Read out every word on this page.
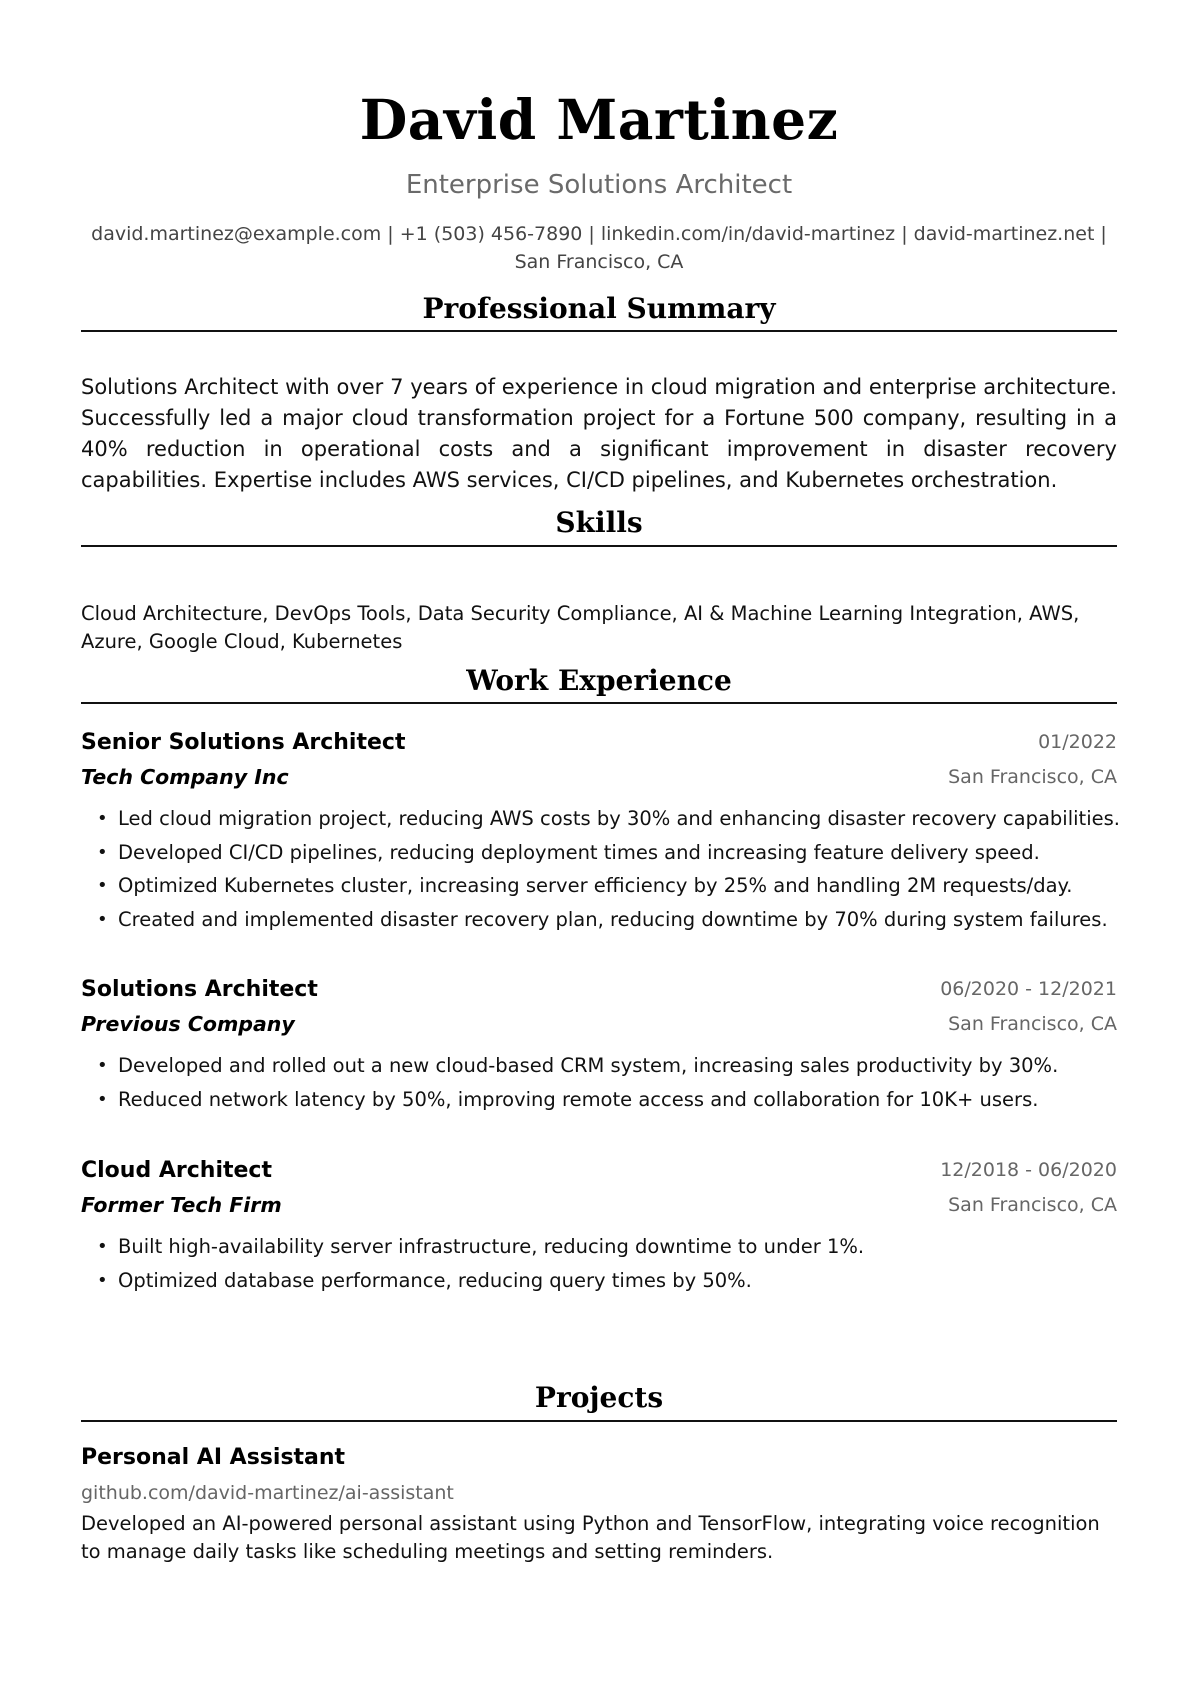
David Martinez
Enterprise Solutions Architect
david.martinez@example.com | +1 (503) 456-7890 | linkedin.com/in/david-martinez | david-martinez.net | San Francisco, CA
Professional Summary
Solutions Architect with over 7 years of experience in cloud migration and enterprise architecture. Successfully led a major cloud transformation project for a Fortune 500 company, resulting in a 40% reduction in operational costs and a significant improvement in disaster recovery capabilities. Expertise includes AWS services, CI/CD pipelines, and Kubernetes orchestration.
Skills
Cloud Architecture, DevOps Tools, Data Security Compliance, AI & Machine Learning Integration, AWS, Azure, Google Cloud, Kubernetes
Work Experience
Senior Solutions Architect	01/2022
Tech Company Inc	San Francisco, CA
• Led cloud migration project, reducing AWS costs by 30% and enhancing disaster recovery capabilities.
• Developed CI/CD pipelines, reducing deployment times and increasing feature delivery speed.
• Optimized Kubernetes cluster, increasing server efficiency by 25% and handling 2M requests/day.
• Created and implemented disaster recovery plan, reducing downtime by 70% during system failures.
Solutions Architect	06/2020 - 12/2021
Previous Company	San Francisco, CA
• Developed and rolled out a new cloud-based CRM system, increasing sales productivity by 30%.
• Reduced network latency by 50%, improving remote access and collaboration for 10K+ users.
Cloud Architect	12/2018 - 06/2020
Former Tech Firm	San Francisco, CA
• Built high-availability server infrastructure, reducing downtime to under 1%.
• Optimized database performance, reducing query times by 50%.
Projects
Personal AI Assistant
github.com/david-martinez/ai-assistant
Developed an AI-powered personal assistant using Python and TensorFlow, integrating voice recognition to manage daily tasks like scheduling meetings and setting reminders.
